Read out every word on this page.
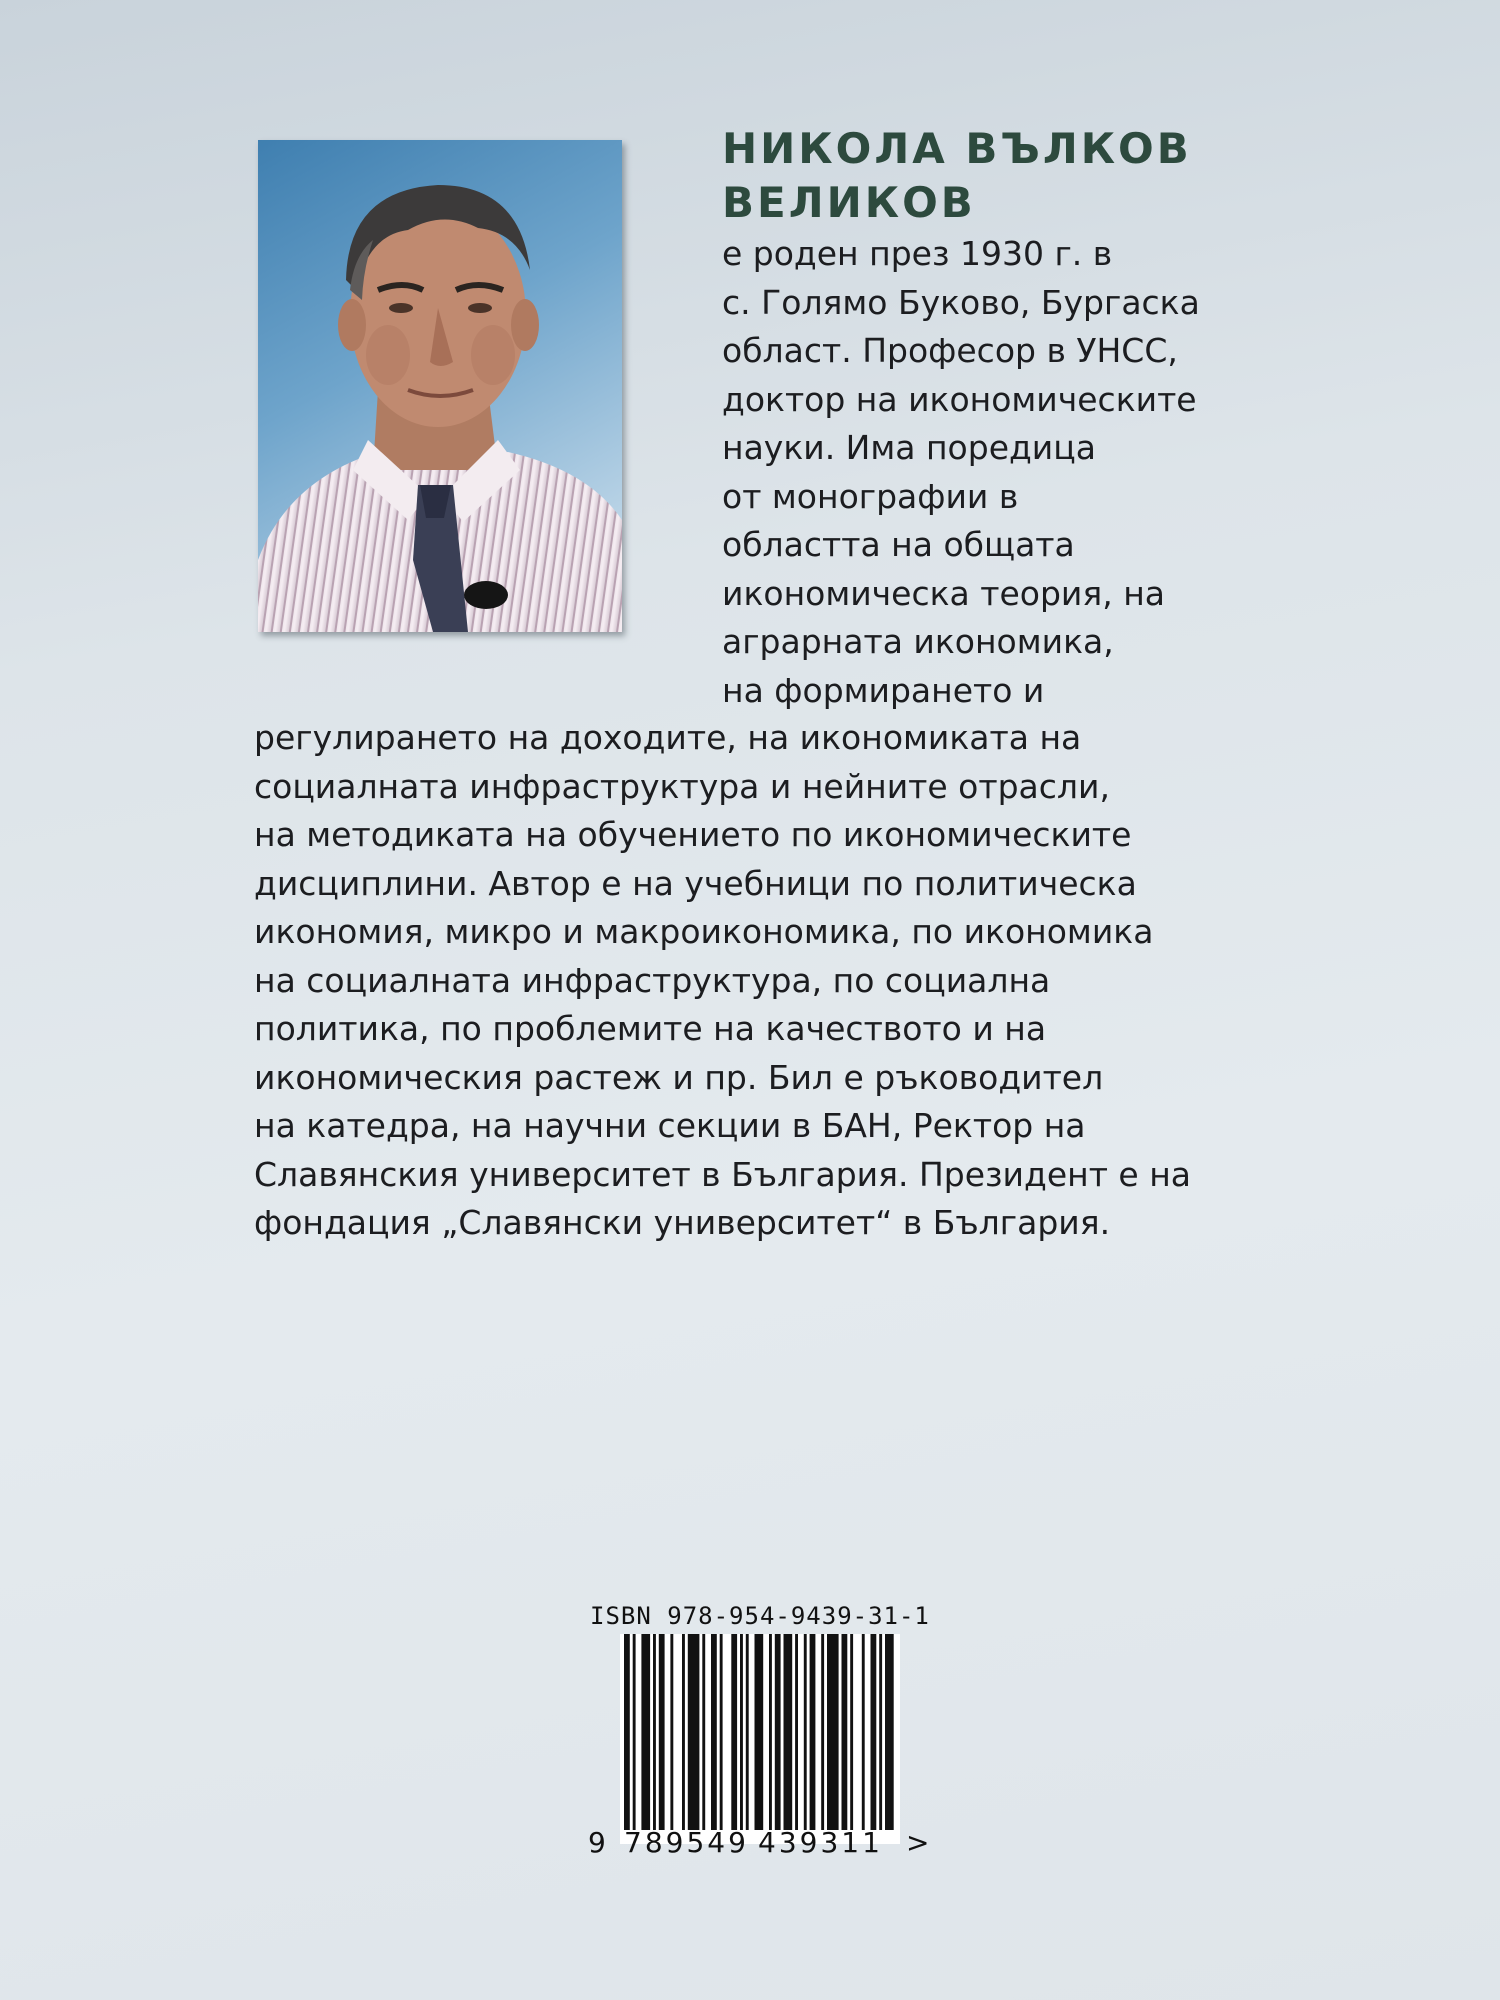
НИКОЛА ВЪЛКОВ
ВЕЛИКОВ
е роден през 1930 г. в
с. Голямо Буково, Бургаска
област. Професор в УНСС,
доктор на икономическите
науки. Има поредица
от монографии в
областта на общата
икономическа теория, на
аграрната икономика,
на формирането и
регулирането на доходите, на икономиката на
социалната инфраструктура и нейните отрасли,
на методиката на обучението по икономическите
дисциплини. Автор е на учебници по политическа
икономия, микро и макроикономика, по икономика
на социалната инфраструктура, по социална
политика, по проблемите на качеството и на
икономическия растеж и пр. Бил е ръководител
на катедра, на научни секции в БАН, Ректор на
Славянския университет в България. Президент е на
фондация „Славянски университет“ в България.
ISBN 978-954-9439-31-1
9 789549 439311 >
